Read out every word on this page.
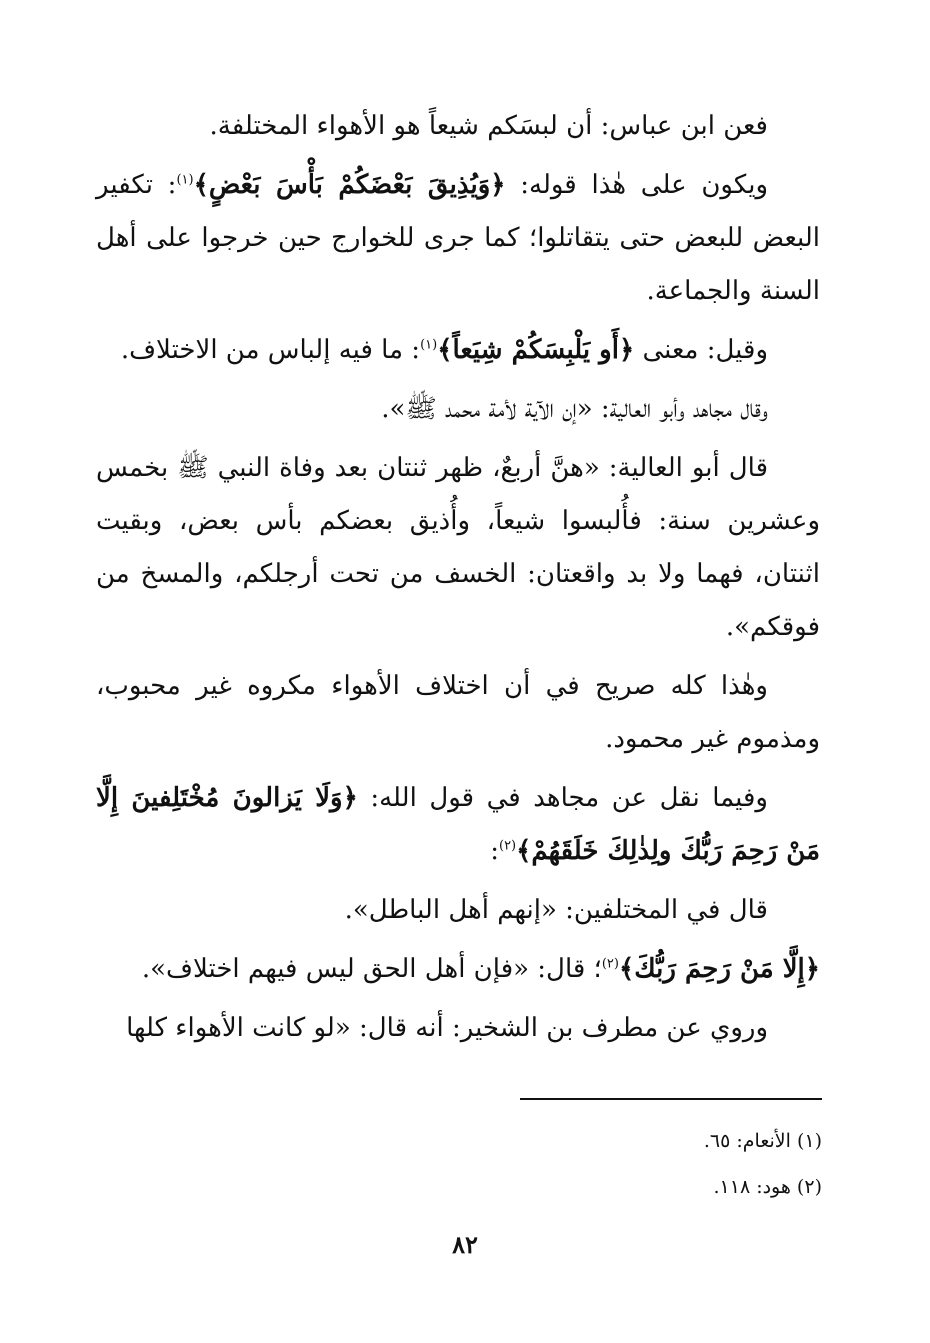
فعن ابن عباس: أن لبسَكم شيعاً هو الأهواء المختلفة.

ويكون على هٰذا قوله: ﴿وَيُذِيقَ بَعْضَكُمْ بَأْسَ بَعْضٍ﴾$^{(١)}$: تكفير البعض للبعض حتى يتقاتلوا؛ كما جرى للخوارج حين خرجوا على أهل السنة والجماعة.

وقيل: معنى ﴿أَو يَلْبِسَكُمْ شِيَعاً﴾$^{(١)}$: ما فيه إلباس من الاختلاف.

وقال مجاهد وأبو العالية: «إن الآية لأمة محمد ﷺ».

قال أبو العالية: «هنَّ أربعٌ، ظهر ثنتان بعد وفاة النبي ﷺ بخمس وعشرين سنة: فأُلبسوا شيعاً، وأُذيق بعضكم بأس بعض، وبقيت اثنتان، فهما ولا بد واقعتان: الخسف من تحت أرجلكم، والمسخ من فوقكم».

وهٰذا كله صريح في أن اختلاف الأهواء مكروه غير محبوب، ومذموم غير محمود.

وفيما نقل عن مجاهد في قول الله: ﴿وَلَا يَزالونَ مُخْتَلِفينَ إِلَّا مَنْ رَحِمَ رَبُّكَ ولِذٰلِكَ خَلَقَهُمْ﴾$^{(٢)}$:

قال في المختلفين: «إنهم أهل الباطل».

﴿إِلَّا مَنْ رَحِمَ رَبُّكَ﴾$^{(٢)}$؛ قال: «فإن أهل الحق ليس فيهم اختلاف».

وروي عن مطرف بن الشخير: أنه قال: «لو كانت الأهواء كلها

(١) الأنعام: ٦٥.

(٢) هود: ١١٨.

٨٢
